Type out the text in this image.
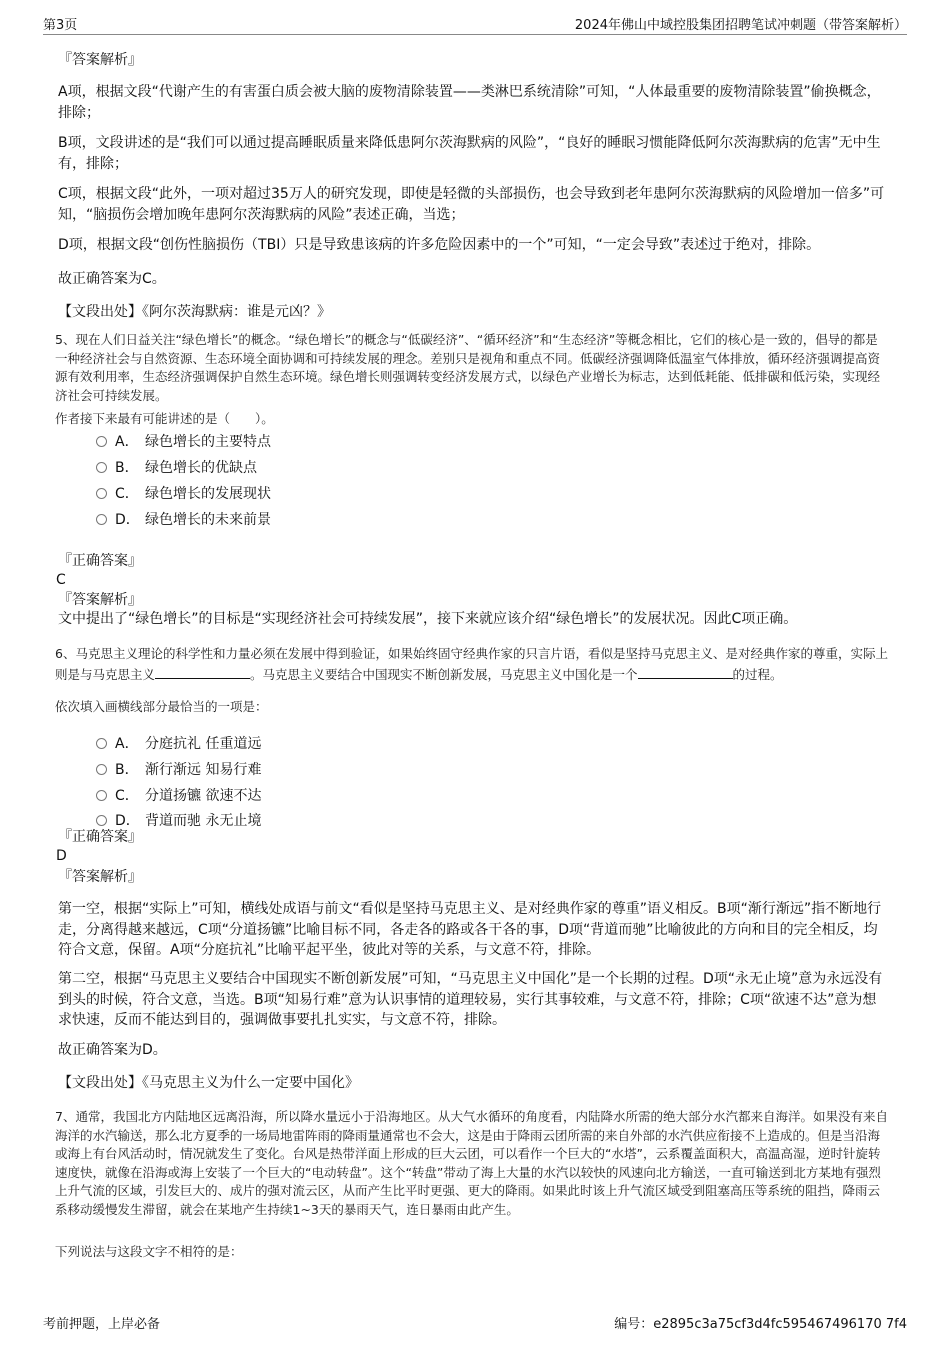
第3页	2024年佛山中域控股集团招聘笔试冲刺题（带答案解析）

『答案解析』

A项，根据文段“代谢产生的有害蛋白质会被大脑的废物清除装置——类淋巴系统清除”可知，“人体最重要的废物清除装置”偷换概念，排除；

B项，文段讲述的是“我们可以通过提高睡眠质量来降低患阿尔茨海默病的风险”，“良好的睡眠习惯能降低阿尔茨海默病的危害”无中生有，排除；

C项，根据文段“此外，一项对超过35万人的研究发现，即使是轻微的头部损伤，也会导致到老年患阿尔茨海默病的风险增加一倍多”可知，“脑损伤会增加晚年患阿尔茨海默病的风险”表述正确，当选；

D项，根据文段“创伤性脑损伤（TBI）只是导致患该病的许多危险因素中的一个”可知，“一定会导致”表述过于绝对，排除。

故正确答案为C。

【文段出处】《阿尔茨海默病：谁是元凶？》

5、现在人们日益关注“绿色增长”的概念。“绿色增长”的概念与“低碳经济”、“循环经济”和“生态经济”等概念相比，它们的核心是一致的，倡导的都是一种经济社会与自然资源、生态环境全面协调和可持续发展的理念。差别只是视角和重点不同。低碳经济强调降低温室气体排放，循环经济强调提高资源有效利用率，生态经济强调保护自然生态环境。绿色增长则强调转变经济发展方式，以绿色产业增长为标志，达到低耗能、低排碳和低污染，实现经济社会可持续发展。

作者接下来最有可能讲述的是（　　）。

A． 绿色增长的主要特点
B． 绿色增长的优缺点
C． 绿色增长的发展现状
D． 绿色增长的未来前景

『正确答案』

C

『答案解析』

文中提出了“绿色增长”的目标是“实现经济社会可持续发展”，接下来就应该介绍“绿色增长”的发展状况。因此C项正确。

6、马克思主义理论的科学性和力量必须在发展中得到验证，如果始终固守经典作家的只言片语，看似是坚持马克思主义、是对经典作家的尊重，实际上则是与马克思主义	。马克思主义要结合中国现实不断创新发展，马克思主义中国化是一个	的过程。

依次填入画横线部分最恰当的一项是：

A． 分庭抗礼 任重道远
B． 渐行渐远 知易行难
C． 分道扬镳 欲速不达
D． 背道而驰 永无止境

『正确答案』

D

『答案解析』

第一空，根据“实际上”可知，横线处成语与前文“看似是坚持马克思主义、是对经典作家的尊重”语义相反。B项“渐行渐远”指不断地行走，分离得越来越远，C项“分道扬镳”比喻目标不同，各走各的路或各干各的事，D项“背道而驰”比喻彼此的方向和目的完全相反，均符合文意，保留。A项“分庭抗礼”比喻平起平坐，彼此对等的关系，与文意不符，排除。

第二空，根据“马克思主义要结合中国现实不断创新发展”可知，“马克思主义中国化”是一个长期的过程。D项“永无止境”意为永远没有到头的时候，符合文意，当选。B项“知易行难”意为认识事情的道理较易，实行其事较难，与文意不符，排除；C项“欲速不达”意为想求快速，反而不能达到目的，强调做事要扎扎实实，与文意不符，排除。

故正确答案为D。

【文段出处】《马克思主义为什么一定要中国化》

7、通常，我国北方内陆地区远离沿海，所以降水量远小于沿海地区。从大气水循环的角度看，内陆降水所需的绝大部分水汽都来自海洋。如果没有来自海洋的水汽输送，那么北方夏季的一场局地雷阵雨的降雨量通常也不会大，这是由于降雨云团所需的来自外部的水汽供应衔接不上造成的。但是当沿海或海上有台风活动时，情况就发生了变化。台风是热带洋面上形成的巨大云团，可以看作一个巨大的“水塔”，云系覆盖面积大，高温高湿，逆时针旋转速度快，就像在沿海或海上安装了一个巨大的“电动转盘”。这个“转盘”带动了海上大量的水汽以较快的风速向北方输送，一直可输送到北方某地有强烈上升气流的区域，引发巨大的、成片的强对流云区，从而产生比平时更强、更大的降雨。如果此时该上升气流区域受到阻塞高压等系统的阻挡，降雨云系移动缓慢发生滞留，就会在某地产生持续1~3天的暴雨天气，连日暴雨由此产生。

下列说法与这段文字不相符的是：

考前押题，上岸必备	编号：e2895c3a75cf3d4fc595467496170 7f4
